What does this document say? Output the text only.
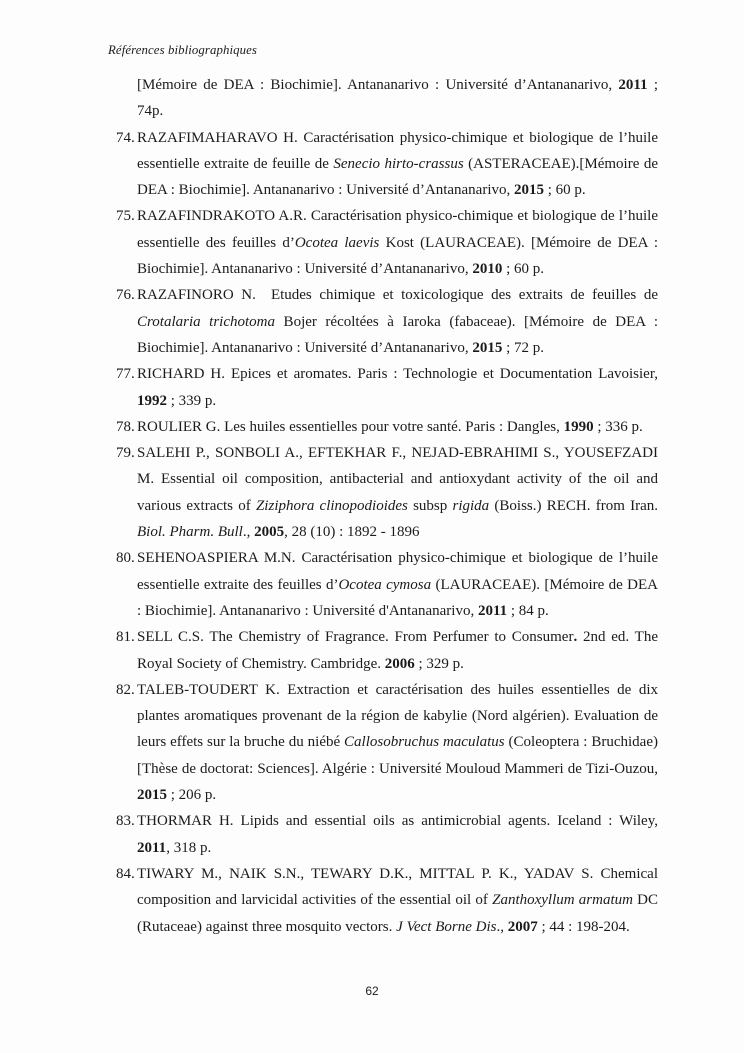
Références bibliographiques

[Mémoire de DEA : Biochimie]. Antananarivo : Université d’Antananarivo, 2011 ; 74p.

74. RAZAFIMAHARAVO H. Caractérisation physico-chimique et biologique de l’huile essentielle extraite de feuille de Senecio hirto-crassus (ASTERACEAE).[Mémoire de DEA : Biochimie]. Antananarivo : Université d’Antananarivo, 2015 ; 60 p.
75. RAZAFINDRAKOTO A.R. Caractérisation physico-chimique et biologique de l’huile essentielle des feuilles d’Ocotea laevis Kost (LAURACEAE). [Mémoire de DEA : Biochimie]. Antananarivo : Université d’Antananarivo, 2010 ; 60 p.
76. RAZAFINORO N.  Etudes chimique et toxicologique des extraits de feuilles de Crotalaria trichotoma Bojer récoltées à Iaroka (fabaceae). [Mémoire de DEA : Biochimie]. Antananarivo : Université d’Antananarivo, 2015 ; 72 p.
77. RICHARD H. Epices et aromates. Paris : Technologie et Documentation Lavoisier, 1992 ; 339 p.
78. ROULIER G. Les huiles essentielles pour votre santé. Paris : Dangles, 1990 ; 336 p.
79. SALEHI P., SONBOLI A., EFTEKHAR F., NEJAD-EBRAHIMI S., YOUSEFZADI M. Essential oil composition, antibacterial and antioxydant activity of the oil and various extracts of Ziziphora clinopodioides subsp rigida (Boiss.) RECH. from Iran. Biol. Pharm. Bull., 2005, 28 (10) : 1892 - 1896
80. SEHENOASPIERA M.N. Caractérisation physico-chimique et biologique de l’huile essentielle extraite des feuilles d’Ocotea cymosa (LAURACEAE). [Mémoire de DEA : Biochimie]. Antananarivo : Université d'Antananarivo, 2011 ; 84 p.
81. SELL C.S. The Chemistry of Fragrance. From Perfumer to Consumer. 2nd ed. The Royal Society of Chemistry. Cambridge. 2006 ; 329 p.
82. TALEB-TOUDERT K. Extraction et caractérisation des huiles essentielles de dix plantes aromatiques provenant de la région de kabylie (Nord algérien). Evaluation de leurs effets sur la bruche du niébé Callosobruchus maculatus (Coleoptera : Bruchidae) [Thèse de doctorat: Sciences]. Algérie : Université Mouloud Mammeri de Tizi-Ouzou, 2015 ; 206 p.
83. THORMAR H. Lipids and essential oils as antimicrobial agents. Iceland : Wiley, 2011, 318 p.
84. TIWARY M., NAIK S.N., TEWARY D.K., MITTAL P. K., YADAV S. Chemical composition and larvicidal activities of the essential oil of Zanthoxyllum armatum DC (Rutaceae) against three mosquito vectors. J Vect Borne Dis., 2007 ; 44 : 198-204.
62
